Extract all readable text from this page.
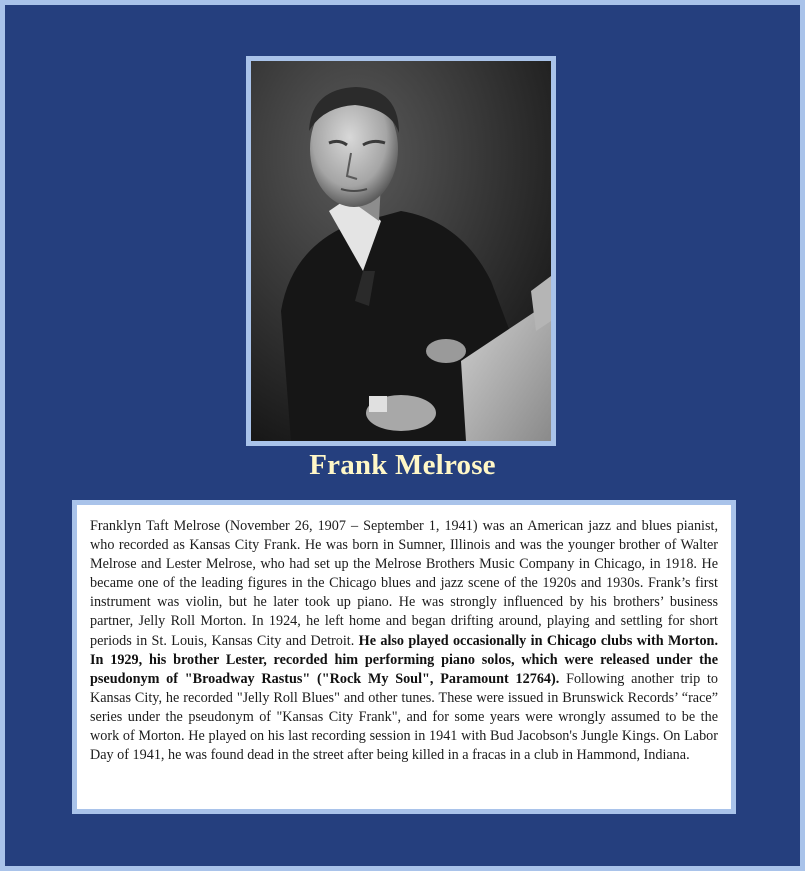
Frank Melrose

Franklyn Taft Melrose (November 26, 1907 – September 1, 1941) was an American jazz and blues pianist, who recorded as Kansas City Frank. He was born in Sumner, Illinois and was the younger brother of Walter Melrose and Lester Melrose, who had set up the Melrose Brothers Music Company in Chicago, in 1918. He became one of the leading figures in the Chicago blues and jazz scene of the 1920s and 1930s. Frank’s first instrument was violin, but he later took up piano. He was strongly influenced by his brothers’ business partner, Jelly Roll Morton. In 1924, he left home and began drifting around, playing and settling for short periods in St. Louis, Kansas City and Detroit. He also played occasionally in Chicago clubs with Morton. In 1929, his brother Lester, recorded him performing piano solos, which were released under the pseudonym of "Broadway Rastus" ("Rock My Soul", Paramount 12764). Following another trip to Kansas City, he recorded "Jelly Roll Blues" and other tunes. These were issued in Brunswick Records’ “race” series under the pseudonym of "Kansas City Frank", and for some years were wrongly assumed to be the work of Morton. He played on his last recording session in 1941 with Bud Jacobson's Jungle Kings. On Labor Day of 1941, he was found dead in the street after being killed in a fracas in a club in Hammond, Indiana.
